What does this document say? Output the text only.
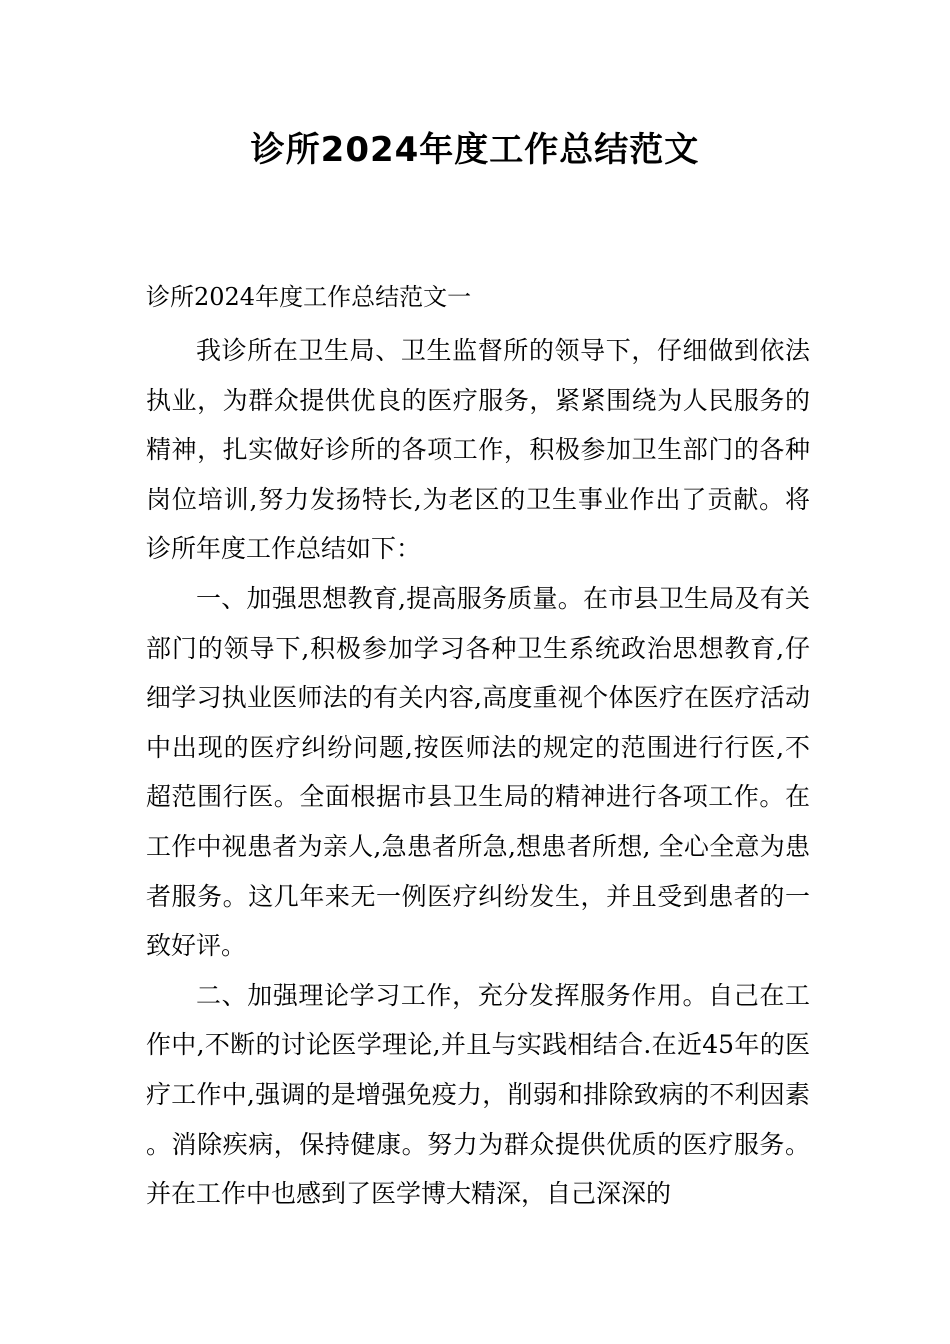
诊所2024年度工作总结范文
诊所2024年度工作总结范文一

我诊所在卫生局、卫生监督所的领导下，仔细做到依法执业，为群众提供优良的医疗服务，紧紧围绕为人民服务的精神，扎实做好诊所的各项工作，积极参加卫生部门的各种岗位培训,努力发扬特长,为老区的卫生事业作出了贡献。将诊所年度工作总结如下：

一、加强思想教育,提高服务质量。在市县卫生局及有关部门的领导下,积极参加学习各种卫生系统政治思想教育,仔细学习执业医师法的有关内容,高度重视个体医疗在医疗活动中出现的医疗纠纷问题,按医师法的规定的范围进行行医,不超范围行医。全面根据市县卫生局的精神进行各项工作。在工作中视患者为亲人,急患者所急,想患者所想, 全心全意为患者服务。这几年来无一例医疗纠纷发生，并且受到患者的一致好评。

二、加强理论学习工作，充分发挥服务作用。自己在工作中,不断的讨论医学理论,并且与实践相结合.在近45年的医疗工作中,强调的是增强免疫力，削弱和排除致病的不利因素。消除疾病，保持健康。努力为群众提供优质的医疗服务。并在工作中也感到了医学博大精深，自己深深的
